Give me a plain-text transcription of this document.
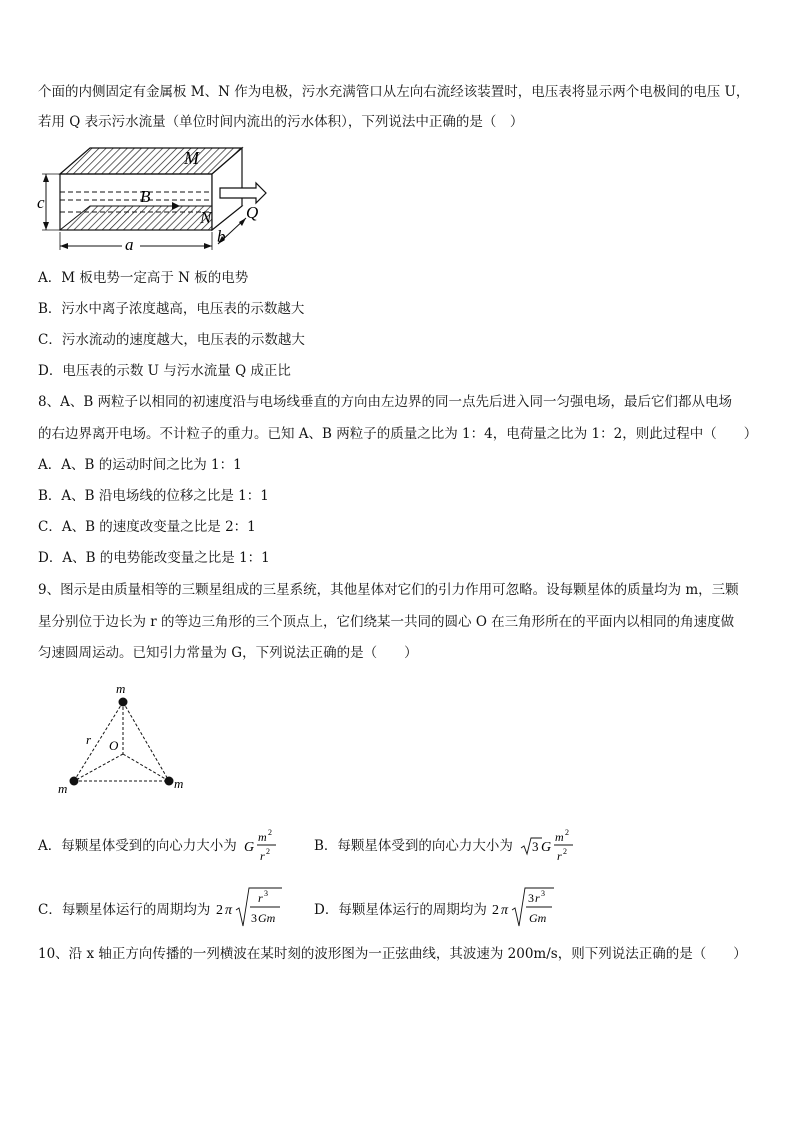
个面的内侧固定有金属板 M、N 作为电极，污水充满管口从左向右流经该装置时，电压表将显示两个电极间的电压 U，
若用 Q 表示污水流量（单位时间内流出的污水体积），下列说法中正确的是（　）
B
M
N Q
c
a	b
A．M 板电势一定高于 N 板的电势
B．污水中离子浓度越高，电压表的示数越大
C．污水流动的速度越大，电压表的示数越大
D．电压表的示数 U 与污水流量 Q 成正比
8、A、B 两粒子以相同的初速度沿与电场线垂直的方向由左边界的同一点先后进入同一匀强电场，最后它们都从电场
的右边界离开电场。不计粒子的重力。已知 A、B 两粒子的质量之比为 1：4，电荷量之比为 1：2，则此过程中（　　）
A．A、B 的运动时间之比为 1：1
B．A、B 沿电场线的位移之比是 1：1
C．A、B 的速度改变量之比是 2：1
D．A、B 的电势能改变量之比是 1：1
9、图示是由质量相等的三颗星组成的三星系统，其他星体对它们的引力作用可忽略。设每颗星体的质量均为 m，三颗
星分别位于边长为 r 的等边三角形的三个顶点上，它们绕某一共同的圆心 O 在三角形所在的平面内以相同的角速度做
匀速圆周运动。已知引力常量为 G，下列说法正确的是（　　）
m
m	m
r O
A．每颗星体受到的向心力大小为 G
m 2
r 2	B．每颗星体受到的向心力大小为 3 G
m 2
r 2
C．每颗星体运行的周期均为 2 π
r 3
3 Gm	D．每颗星体运行的周期均为 2 π
3 r 3
Gm
10、沿 x 轴正方向传播的一列横波在某时刻的波形图为一正弦曲线，其波速为 200m/s，则下列说法正确的是（　　）
